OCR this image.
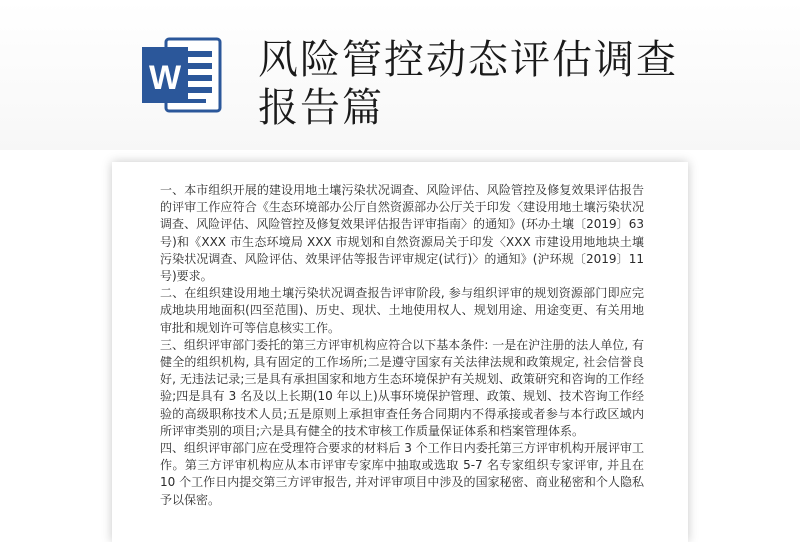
W 风险管控动态评估调查报告篇

一、本市组织开展的建设用地土壤污染状况调查、风险评估、风险管控及修复效果评估报告的评审工作应符合《生态环境部办公厅自然资源部办公厅关于印发〈建设用地土壤污染状况调查、风险评估、风险管控及修复效果评估报告评审指南〉的通知》(环办土壤〔2019〕63号)和《XXX 市生态环境局 XXX 市规划和自然资源局关于印发〈XXX 市建设用地地块土壤污染状况调查、风险评估、效果评估等报告评审规定(试行)〉的通知》(沪环规〔2019〕11 号)要求。

二、在组织建设用地土壤污染状况调查报告评审阶段, 参与组织评审的规划资源部门即应完成地块用地面积(四至范围)、历史、现状、土地使用权人、规划用途、用途变更、有关用地审批和规划许可等信息核实工作。

三、组织评审部门委托的第三方评审机构应符合以下基本条件: 一是在沪注册的法人单位, 有健全的组织机构, 具有固定的工作场所;二是遵守国家有关法律法规和政策规定, 社会信誉良好, 无违法记录;三是具有承担国家和地方生态环境保护有关规划、政策研究和咨询的工作经验;四是具有 3 名及以上长期(10 年以上)从事环境保护管理、政策、规划、技术咨询工作经验的高级职称技术人员;五是原则上承担审查任务合同期内不得承接或者参与本行政区域内所评审类别的项目;六是具有健全的技术审核工作质量保证体系和档案管理体系。

四、组织评审部门应在受理符合要求的材料后 3 个工作日内委托第三方评审机构开展评审工作。第三方评审机构应从本市评审专家库中抽取或选取 5-7 名专家组织专家评审, 并且在 10 个工作日内提交第三方评审报告, 并对评审项目中涉及的国家秘密、商业秘密和个人隐私予以保密。
